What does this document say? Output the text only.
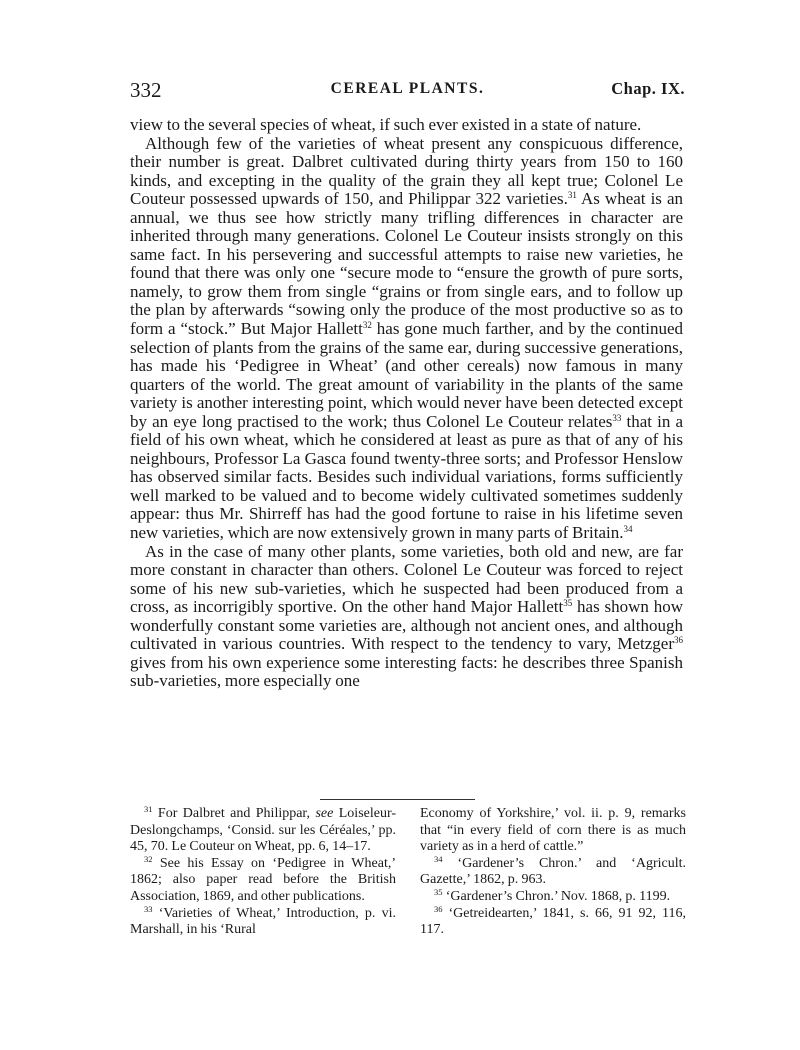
332	CEREAL PLANTS.	Chap. IX.

view to the several species of wheat, if such ever existed in a state of nature.

Although few of the varieties of wheat present any conspicuous difference, their number is great. Dalbret cultivated during thirty years from 150 to 160 kinds, and excepting in the quality of the grain they all kept true; Colonel Le Couteur possessed upwards of 150, and Philippar 322 varieties.$^{31}$ As wheat is an annual, we thus see how strictly many trifling differences in character are inherited through many generations. Colonel Le Couteur insists strongly on this same fact. In his persevering and successful attempts to raise new varieties, he found that there was only one “secure mode to “ensure the growth of pure sorts, namely, to grow them from single “grains or from single ears, and to follow up the plan by afterwards “sowing only the produce of the most productive so as to form a “stock.” But Major Hallett$^{32}$ has gone much farther, and by the continued selection of plants from the grains of the same ear, during successive generations, has made his ‘Pedigree in Wheat’ (and other cereals) now famous in many quarters of the world. The great amount of variability in the plants of the same variety is another interesting point, which would never have been detected except by an eye long practised to the work; thus Colonel Le Couteur relates$^{33}$ that in a field of his own wheat, which he considered at least as pure as that of any of his neighbours, Professor La Gasca found twenty-three sorts; and Professor Henslow has observed similar facts. Besides such individual variations, forms sufficiently well marked to be valued and to become widely cultivated sometimes suddenly appear: thus Mr. Shirreff has had the good fortune to raise in his lifetime seven new varieties, which are now extensively grown in many parts of Britain.$^{34}$

As in the case of many other plants, some varieties, both old and new, are far more constant in character than others. Colonel Le Couteur was forced to reject some of his new sub-varieties, which he suspected had been produced from a cross, as incorrigibly sportive. On the other hand Major Hallett$^{35}$ has shown how wonderfully constant some varieties are, although not ancient ones, and although cultivated in various countries. With respect to the tendency to vary, Metzger$^{36}$ gives from his own experience some interesting facts: he describes three Spanish sub-varieties, more especially one

$^{31}$ For Dalbret and Philippar, see Loiseleur-Deslongchamps, ‘Consid. sur les Céréales,’ pp. 45, 70. Le Couteur on Wheat, pp. 6, 14–17.

$^{32}$ See his Essay on ‘Pedigree in Wheat,’ 1862; also paper read before the British Association, 1869, and other publications.

$^{33}$ ‘Varieties of Wheat,’ Introduction, p. vi. Marshall, in his ‘Rural

Economy of Yorkshire,’ vol. ii. p. 9, remarks that “in every field of corn there is as much variety as in a herd of cattle.”

$^{34}$ ‘Gardener’s Chron.’ and ‘Agricult. Gazette,’ 1862, p. 963.

$^{35}$ ‘Gardener’s Chron.’ Nov. 1868, p. 1199.

$^{36}$ ‘Getreidearten,’ 1841, s. 66, 91 92, 116, 117.
